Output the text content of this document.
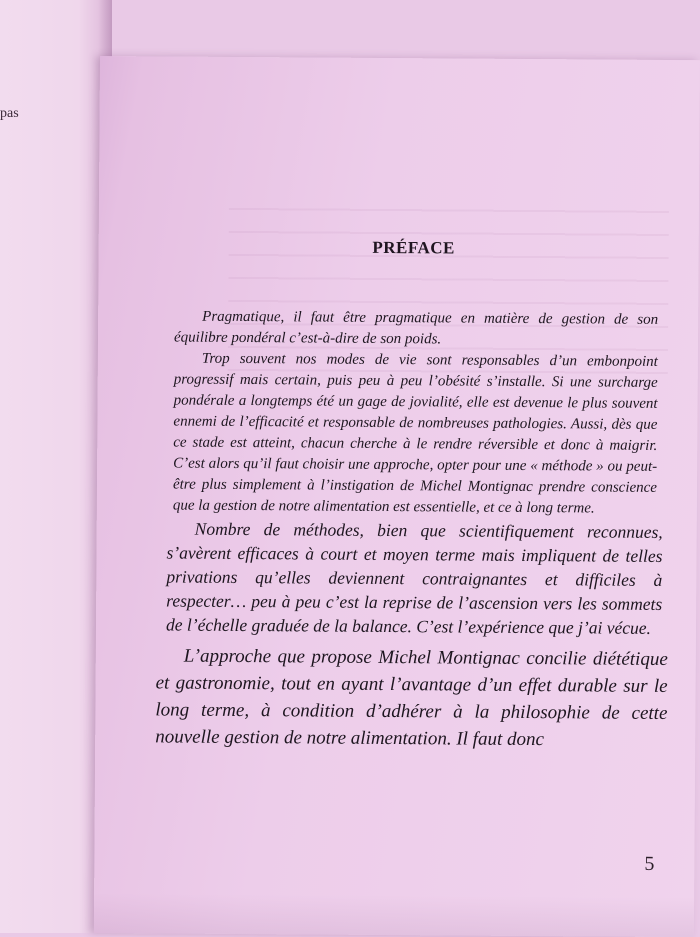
pas
PRÉFACE

Pragmatique, il faut être pragmatique en matière de gestion de son équilibre pondéral c’est-à-dire de son poids.

Trop souvent nos modes de vie sont responsables d’un embonpoint progressif mais certain, puis peu à peu l’obésité s’installe. Si une surcharge pondérale a longtemps été un gage de jovialité, elle est devenue le plus souvent ennemi de l’efficacité et responsable de nombreuses pathologies. Aussi, dès que ce stade est atteint, chacun cherche à le rendre réversible et donc à maigrir. C’est alors qu’il faut choisir une approche, opter pour une « méthode » ou peut-être plus simplement à l’instigation de Michel Montignac prendre conscience que la gestion de notre alimentation est essentielle, et ce à long terme.

Nombre de méthodes, bien que scientifiquement reconnues, s’avèrent efficaces à court et moyen terme mais impliquent de telles privations qu’elles deviennent contraignantes et difficiles à respecter… peu à peu c’est la reprise de l’ascension vers les sommets de l’échelle graduée de la balance. C’est l’expérience que j’ai vécue.

L’approche que propose Michel Montignac concilie diététique et gastronomie, tout en ayant l’avantage d’un effet durable sur le long terme, à condition d’adhérer à la philosophie de cette nouvelle gestion de notre alimentation. Il faut donc

5
